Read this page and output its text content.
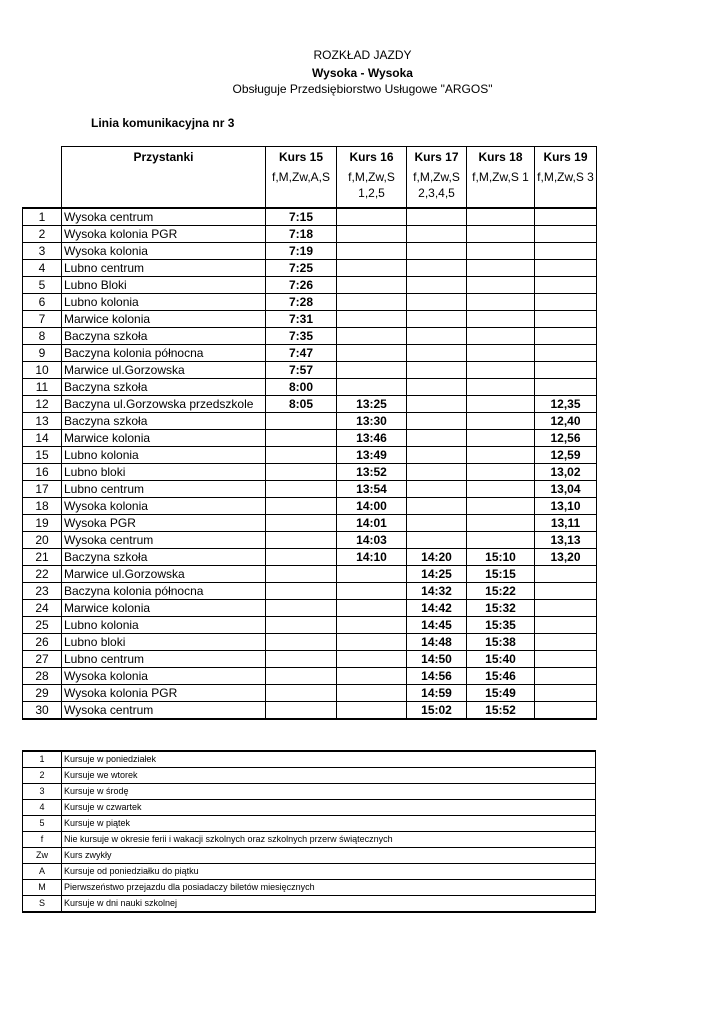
ROZKŁAD JAZDY
Wysoka - Wysoka
Obsługuje Przedsiębiorstwo Usługowe "ARGOS"
Linia komunikacyjna nr 3
	Przystanki	Kurs 15	Kurs 16	Kurs 17	Kurs 18	Kurs 19
		f,M,Zw,A,S	f,M,Zw,S 1,2,5	f,M,Zw,S 2,3,4,5	f,M,Zw,S 1	f,M,Zw,S 3
1	Wysoka centrum	7:15				
2	Wysoka kolonia PGR	7:18				
3	Wysoka kolonia	7:19				
4	Lubno centrum	7:25				
5	Lubno Bloki	7:26				
6	Lubno kolonia	7:28				
7	Marwice kolonia	7:31				
8	Baczyna szkoła	7:35				
9	Baczyna kolonia północna	7:47				
10	Marwice ul.Gorzowska	7:57				
11	Baczyna szkoła	8:00				
12	Baczyna ul.Gorzowska przedszkole	8:05	13:25			12,35
13	Baczyna szkoła		13:30			12,40
14	Marwice kolonia		13:46			12,56
15	Lubno kolonia		13:49			12,59
16	Lubno bloki		13:52			13,02
17	Lubno centrum		13:54			13,04
18	Wysoka kolonia		14:00			13,10
19	Wysoka PGR		14:01			13,11
20	Wysoka centrum		14:03			13,13
21	Baczyna szkoła		14:10	14:20	15:10	13,20
22	Marwice ul.Gorzowska			14:25	15:15	
23	Baczyna kolonia północna			14:32	15:22	
24	Marwice kolonia			14:42	15:32	
25	Lubno kolonia			14:45	15:35	
26	Lubno bloki			14:48	15:38	
27	Lubno centrum			14:50	15:40	
28	Wysoka kolonia			14:56	15:46	
29	Wysoka kolonia PGR			14:59	15:49	
30	Wysoka centrum			15:02	15:52	
1	Kursuje w poniedziałek
2	Kursuje we wtorek
3	Kursuje w środę
4	Kursuje w czwartek
5	Kursuje w piątek
f	Nie kursuje w okresie ferii i wakacji szkolnych oraz szkolnych przerw świątecznych
Zw	Kurs zwykły
A	Kursuje od poniedziałku do piątku
M	Pierwszeństwo przejazdu dla posiadaczy biletów miesięcznych
S	Kursuje w dni nauki szkolnej
